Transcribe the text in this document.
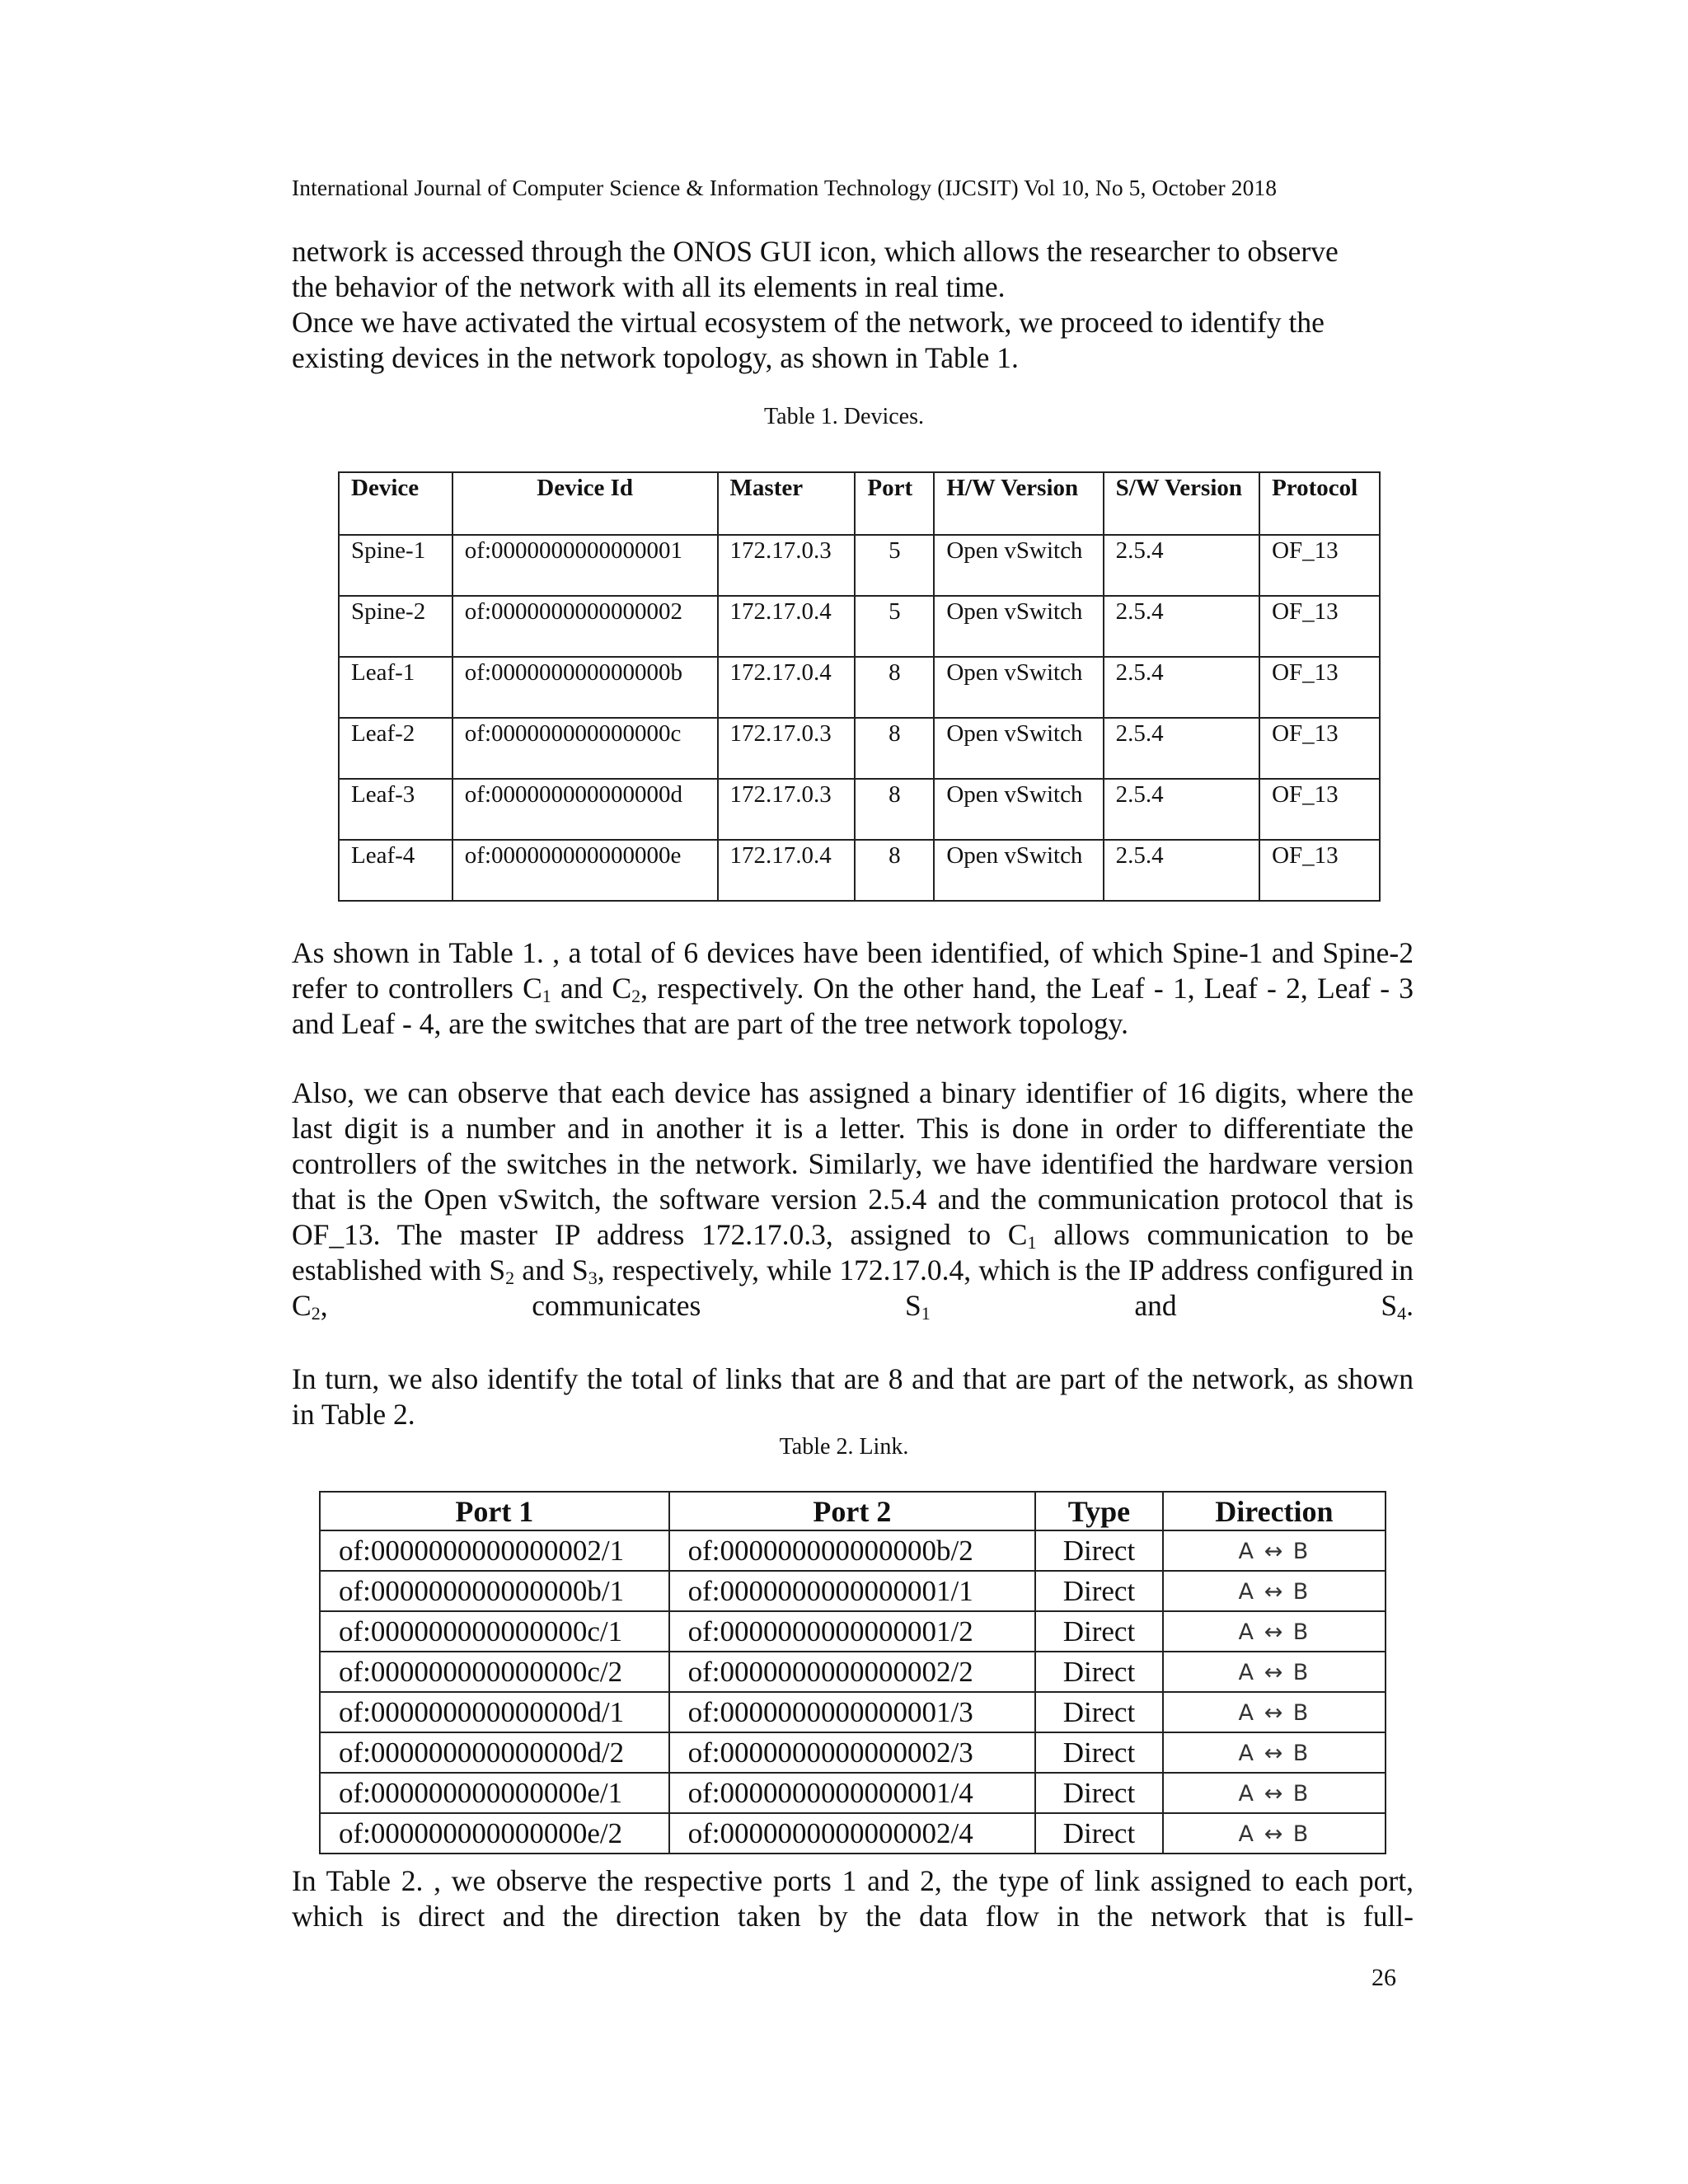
International Journal of Computer Science & Information Technology (IJCSIT) Vol 10, No 5, October 2018
network is accessed through the ONOS GUI icon, which allows the researcher to observe
the behavior of the network with all its elements in real time.
Once we have activated the virtual ecosystem of the network, we proceed to identify the
existing devices in the network topology, as shown in Table 1.
Table 1. Devices.
Device	Device Id	Master	Port	H/W Version	S/W Version	Protocol
Spine-1	of:0000000000000001	172.17.0.3	5	Open vSwitch	2.5.4	OF_13
Spine-2	of:0000000000000002	172.17.0.4	5	Open vSwitch	2.5.4	OF_13
Leaf-1	of:000000000000000b	172.17.0.4	8	Open vSwitch	2.5.4	OF_13
Leaf-2	of:000000000000000c	172.17.0.3	8	Open vSwitch	2.5.4	OF_13
Leaf-3	of:000000000000000d	172.17.0.3	8	Open vSwitch	2.5.4	OF_13
Leaf-4	of:000000000000000e	172.17.0.4	8	Open vSwitch	2.5.4	OF_13

As shown in Table 1. , a total of 6 devices have been identified, of which Spine-1 and Spine-2 refer to controllers $C_1$ and $C_2$, respectively. On the other hand, the Leaf - 1, Leaf - 2, Leaf - 3 and Leaf - 4, are the switches that are part of the tree network topology.

Also, we can observe that each device has assigned a binary identifier of 16 digits, where the last digit is a number and in another it is a letter. This is done in order to differentiate the controllers of the switches in the network. Similarly, we have identified the hardware version that is the Open vSwitch, the software version 2.5.4 and the communication protocol that is OF_13. The master IP address 172.17.0.3, assigned to $C_1$ allows communication to be established with $S_2$ and $S_3$, respectively, while 172.17.0.4, which is the IP address configured in $C_2$, communicates $S_1$ and $S_4$.

In turn, we also identify the total of links that are 8 and that are part of the network, as shown in Table 2.

Table 2. Link.
Port 1	Port 2	Type	Direction
of:0000000000000002/1	of:000000000000000b/2	Direct	A ↔ B
of:000000000000000b/1	of:0000000000000001/1	Direct	A ↔ B
of:000000000000000c/1	of:0000000000000001/2	Direct	A ↔ B
of:000000000000000c/2	of:0000000000000002/2	Direct	A ↔ B
of:000000000000000d/1	of:0000000000000001/3	Direct	A ↔ B
of:000000000000000d/2	of:0000000000000002/3	Direct	A ↔ B
of:000000000000000e/1	of:0000000000000001/4	Direct	A ↔ B
of:000000000000000e/2	of:0000000000000002/4	Direct	A ↔ B

In Table 2. , we observe the respective ports 1 and 2, the type of link assigned to each port, which is direct and the direction taken by the data flow in the network that is full-

26
